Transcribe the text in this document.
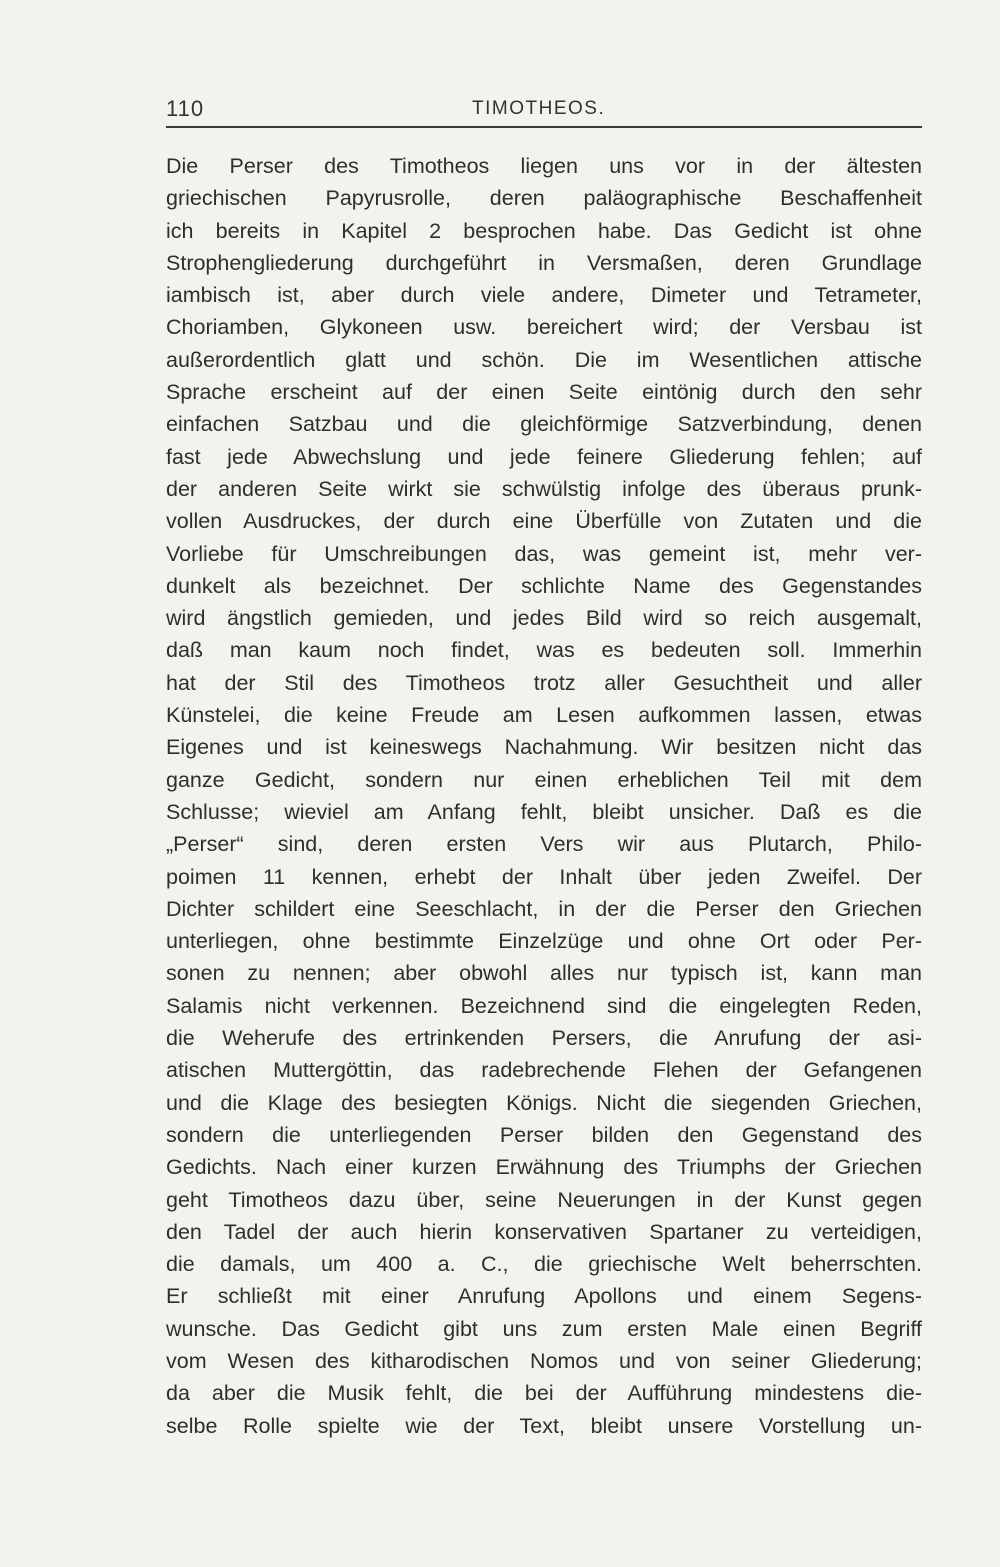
110	TIMOTHEOS.
Die Perser des Timotheos liegen uns vor in der ältesten
griechischen Papyrusrolle, deren paläographische Beschaffenheit
ich bereits in Kapitel 2 besprochen habe. Das Gedicht ist ohne
Strophengliederung durchgeführt in Versmaßen, deren Grundlage
iambisch ist, aber durch viele andere, Dimeter und Tetrameter,
Choriamben, Glykoneen usw. bereichert wird; der Versbau ist
außerordentlich glatt und schön. Die im Wesentlichen attische
Sprache erscheint auf der einen Seite eintönig durch den sehr
einfachen Satzbau und die gleichförmige Satzverbindung, denen
fast jede Abwechslung und jede feinere Gliederung fehlen; auf
der anderen Seite wirkt sie schwülstig infolge des überaus prunk-
vollen Ausdruckes, der durch eine Überfülle von Zutaten und die
Vorliebe für Umschreibungen das, was gemeint ist, mehr ver-
dunkelt als bezeichnet. Der schlichte Name des Gegenstandes
wird ängstlich gemieden, und jedes Bild wird so reich ausgemalt,
daß man kaum noch findet, was es bedeuten soll. Immerhin
hat der Stil des Timotheos trotz aller Gesuchtheit und aller
Künstelei, die keine Freude am Lesen aufkommen lassen, etwas
Eigenes und ist keineswegs Nachahmung. Wir besitzen nicht das
ganze Gedicht, sondern nur einen erheblichen Teil mit dem
Schlusse; wieviel am Anfang fehlt, bleibt unsicher. Daß es die
„Perser“ sind, deren ersten Vers wir aus Plutarch, Philo-
poimen 11 kennen, erhebt der Inhalt über jeden Zweifel. Der
Dichter schildert eine Seeschlacht, in der die Perser den Griechen
unterliegen, ohne bestimmte Einzelzüge und ohne Ort oder Per-
sonen zu nennen; aber obwohl alles nur typisch ist, kann man
Salamis nicht verkennen. Bezeichnend sind die eingelegten Reden,
die Weherufe des ertrinkenden Persers, die Anrufung der asi-
atischen Muttergöttin, das radebrechende Flehen der Gefangenen
und die Klage des besiegten Königs. Nicht die siegenden Griechen,
sondern die unterliegenden Perser bilden den Gegenstand des
Gedichts. Nach einer kurzen Erwähnung des Triumphs der Griechen
geht Timotheos dazu über, seine Neuerungen in der Kunst gegen
den Tadel der auch hierin konservativen Spartaner zu verteidigen,
die damals, um 400 a. C., die griechische Welt beherrschten.
Er schließt mit einer Anrufung Apollons und einem Segens-
wunsche. Das Gedicht gibt uns zum ersten Male einen Begriff
vom Wesen des kitharodischen Nomos und von seiner Gliederung;
da aber die Musik fehlt, die bei der Aufführung mindestens die-
selbe Rolle spielte wie der Text, bleibt unsere Vorstellung un-
